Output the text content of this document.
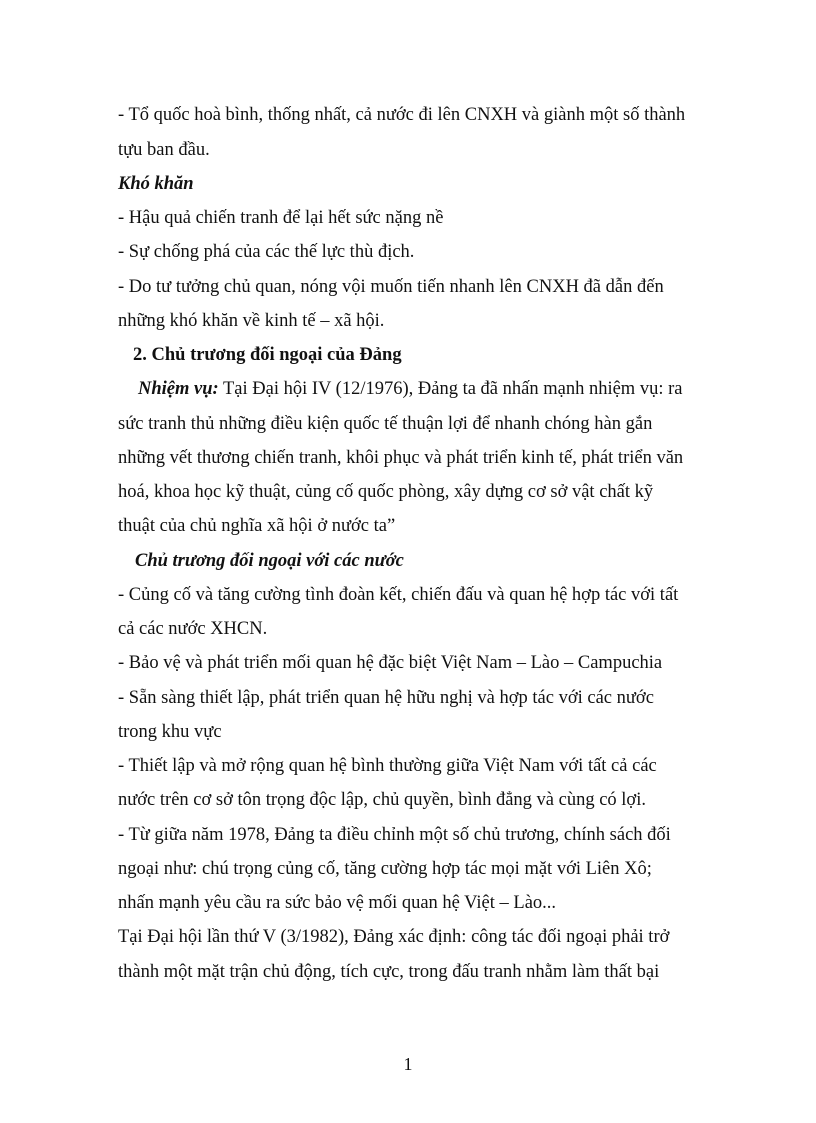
- Tổ quốc hoà bình, thống nhất, cả nước đi lên CNXH và giành một số thành
tựu ban đầu.
Khó khăn
- Hậu quả chiến tranh để lại hết sức nặng nề
- Sự chống phá của các thế lực thù địch.
- Do tư tưởng chủ quan, nóng vội muốn tiến nhanh lên CNXH đã dẫn đến
những khó khăn về kinh tế – xã hội.
2. Chủ trương đối ngoại của Đảng
Nhiệm vụ: Tại Đại hội IV (12/1976), Đảng ta đã nhấn mạnh nhiệm vụ: ra
sức tranh thủ những điều kiện quốc tế thuận lợi để nhanh chóng hàn gắn
những vết thương chiến tranh, khôi phục và phát triển kinh tế, phát triển văn
hoá, khoa học kỹ thuật, củng cố quốc phòng, xây dựng cơ sở vật chất kỹ
thuật của chủ nghĩa xã hội ở nước ta”
Chủ trương đối ngoại với các nước
- Củng cố và tăng cường tình đoàn kết, chiến đấu và quan hệ hợp tác với tất
cả các nước XHCN.
- Bảo vệ và phát triển mối quan hệ đặc biệt Việt Nam – Lào – Campuchia
- Sẵn sàng thiết lập, phát triển quan hệ hữu nghị và hợp tác với các nước
trong khu vực
- Thiết lập và mở rộng quan hệ bình thường giữa Việt Nam với tất cả các
nước trên cơ sở tôn trọng độc lập, chủ quyền, bình đẳng và cùng có lợi.
- Từ giữa năm 1978, Đảng ta điều chỉnh một số chủ trương, chính sách đối
ngoại như: chú trọng củng cố, tăng cường hợp tác mọi mặt với Liên Xô;
nhấn mạnh yêu cầu ra sức bảo vệ mối quan hệ Việt – Lào...
Tại Đại hội lần thứ V (3/1982), Đảng xác định: công tác đối ngoại phải trở
thành một mặt trận chủ động, tích cực, trong đấu tranh nhằm làm thất bại
1
